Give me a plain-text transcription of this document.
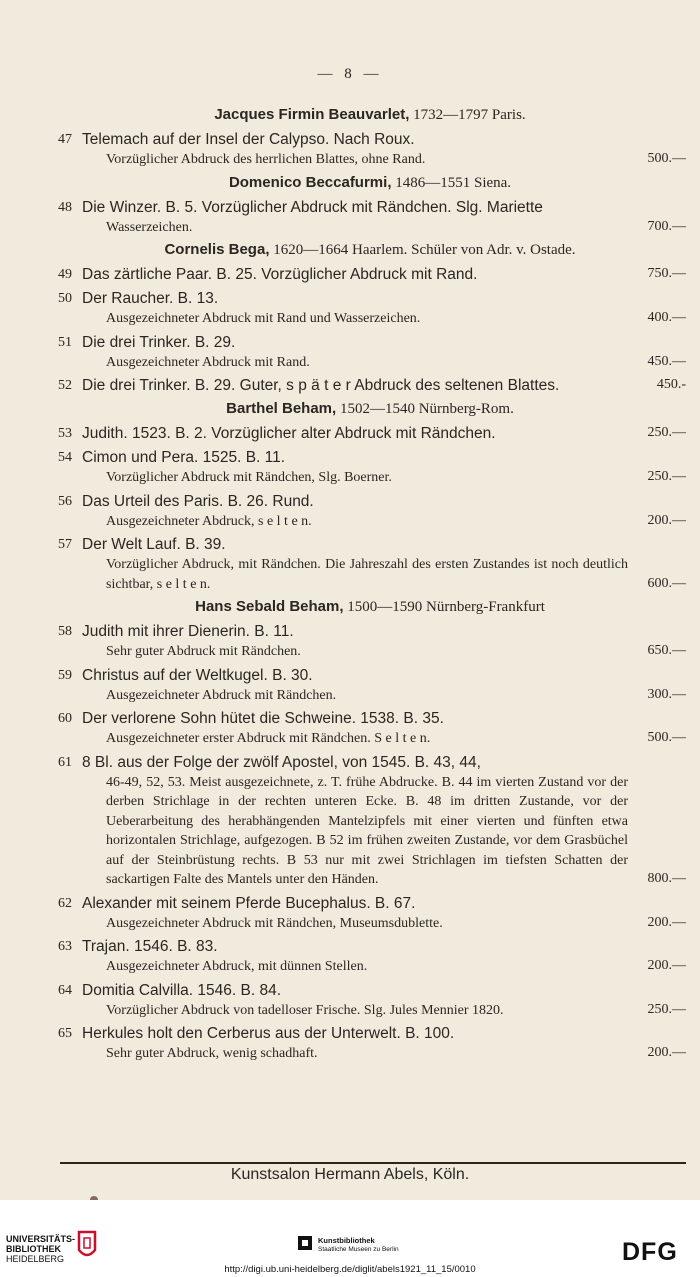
— 8 —
Jacques Firmin Beauvarlet, 1732—1797 Paris.
47 Telemach auf der Insel der Calypso. Nach Roux.
Vorzüglicher Abdruck des herrlichen Blattes, ohne Rand.	500.—
Domenico Beccafurmi, 1486—1551 Siena.
48 Die Winzer. B. 5. Vorzüglicher Abdruck mit Rändchen. Slg. Mariette
Wasserzeichen.	700.—
Cornelis Bega, 1620—1664 Haarlem. Schüler von Adr. v. Ostade.
49 Das zärtliche Paar. B. 25. Vorzüglicher Abdruck mit Rand.	750.—
50 Der Raucher. B. 13.
Ausgezeichneter Abdruck mit Rand und Wasserzeichen.	400.—
51 Die drei Trinker. B. 29.
Ausgezeichneter Abdruck mit Rand.	450.—
52 Die drei Trinker. B. 29. Guter, s p ä t e r Abdruck des seltenen Blattes.	450.-
Barthel Beham, 1502—1540 Nürnberg-Rom.
53 Judith. 1523. B. 2. Vorzüglicher alter Abdruck mit Rändchen.	250.—
54 Cimon und Pera. 1525. B. 11.
Vorzüglicher Abdruck mit Rändchen, Slg. Boerner.	250.—
56 Das Urteil des Paris. B. 26. Rund.
Ausgezeichneter Abdruck, s e l t e n.	200.—
57 Der Welt Lauf. B. 39.
Vorzüglicher Abdruck, mit Rändchen. Die Jahreszahl des ersten Zustandes ist noch deutlich sichtbar, s e l t e n.	600.—
Hans Sebald Beham, 1500—1590 Nürnberg-Frankfurt
58 Judith mit ihrer Dienerin. B. 11.
Sehr guter Abdruck mit Rändchen.	650.—
59 Christus auf der Weltkugel. B. 30.
Ausgezeichneter Abdruck mit Rändchen.	300.—
60 Der verlorene Sohn hütet die Schweine. 1538. B. 35.
Ausgezeichneter erster Abdruck mit Rändchen. S e l t e n.	500.—
61 8 Bl. aus der Folge der zwölf Apostel, von 1545. B. 43, 44,
46-49, 52, 53. Meist ausgezeichnete, z. T. frühe Abdrucke. B. 44 im vierten Zustand vor der derben Strichlage in der rechten unteren Ecke. B. 48 im dritten Zustande, vor der Ueberarbeitung des herabhängenden Mantelzipfels mit einer vierten und fünften etwa horizontalen Strichlage, aufgezogen. B 52 im frühen zweiten Zustande, vor dem Grasbüchel auf der Steinbrüstung rechts. B 53 nur mit zwei Strichlagen im tiefsten Schatten der sackartigen Falte des Mantels unter den Händen.	800.—
62 Alexander mit seinem Pferde Bucephalus. B. 67.
Ausgezeichneter Abdruck mit Rändchen, Museumsdublette.	200.—
63 Trajan. 1546. B. 83.
Ausgezeichneter Abdruck, mit dünnen Stellen.	200.—
64 Domitia Calvilla. 1546. B. 84.
Vorzüglicher Abdruck von tadelloser Frische. Slg. Jules Mennier 1820.	250.—
65 Herkules holt den Cerberus aus der Unterwelt. B. 100.
Sehr guter Abdruck, wenig schadhaft.	200.—
Kunstsalon Hermann Abels, Köln.
UNIVERSITÄTS-
BIBLIOTHEK
HEIDELBERG
Kunstbibliothek
Staatliche Museen zu Berlin	DFG
http://digi.ub.uni-heidelberg.de/diglit/abels1921_11_15/0010
